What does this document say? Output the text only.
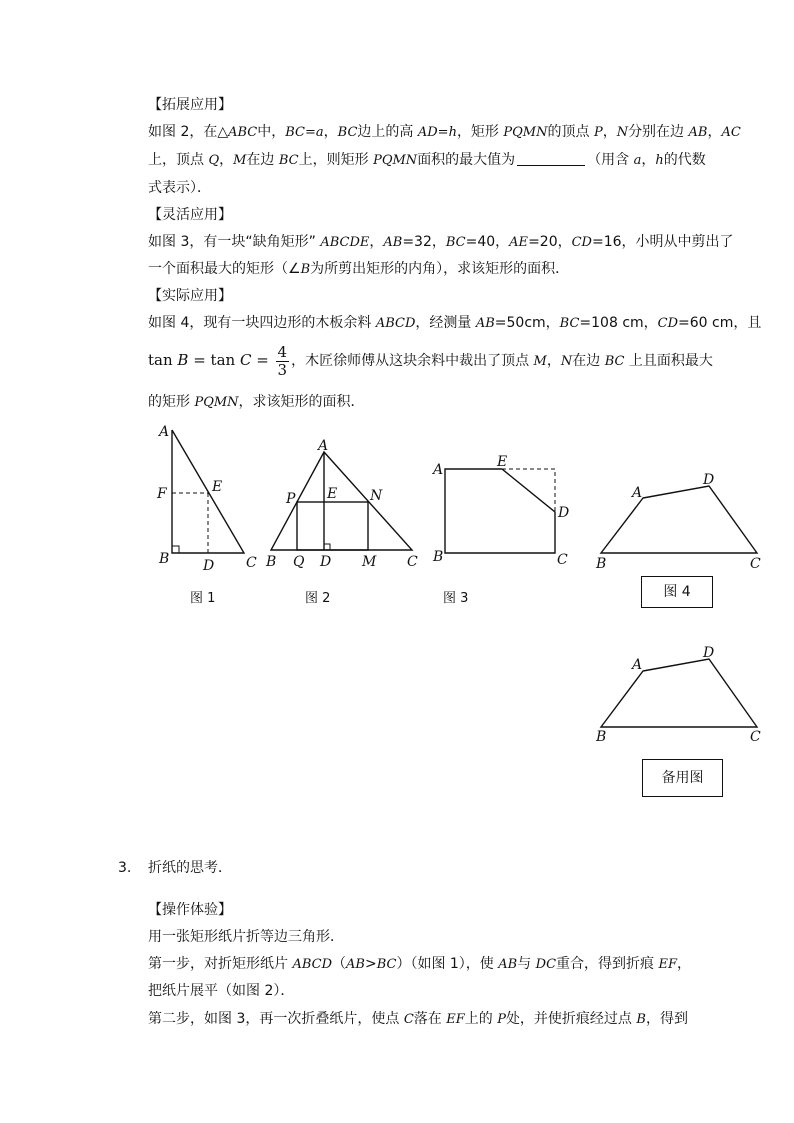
【拓展应用】
如图 2，在△ABC中，BC=a，BC边上的高 AD=h，矩形 PQMN的顶点 P，N分别在边 AB，AC
上，顶点 Q，M在边 BC上，则矩形 PQMN面积的最大值为	（用含 a，h的代数
式表示）．
【灵活应用】
如图 3，有一块“缺角矩形” ABCDE，AB=32，BC=40，AE=20，CD=16，小明从中剪出了
一个面积最大的矩形（∠B为所剪出矩形的内角），求该矩形的面积．
【实际应用】
如图 4，现有一块四边形的木板余料 ABCD，经测量 AB=50cm，BC=108 cm，CD=60 cm，且
$\tan B = \tan C = \frac{4}{3}$ ，木匠徐师傅从这块余料中裁出了顶点 M，N在边 BC 上且面积最大
的矩形 PQMN，求该矩形的面积．
A
F	E
B D C
A
P E N
B Q D M C
A	E
D
B	C
A
D
B	C
A
D
B	C
图 1	图 2	图 3	图 4
备用图
3. 折纸的思考．
【操作体验】
用一张矩形纸片折等边三角形．
第一步，对折矩形纸片 ABCD（AB>BC）（如图 1），使 AB与 DC重合，得到折痕 EF，
把纸片展平（如图 2）．
第二步，如图 3，再一次折叠纸片，使点 C落在 EF上的 P处，并使折痕经过点 B，得到
